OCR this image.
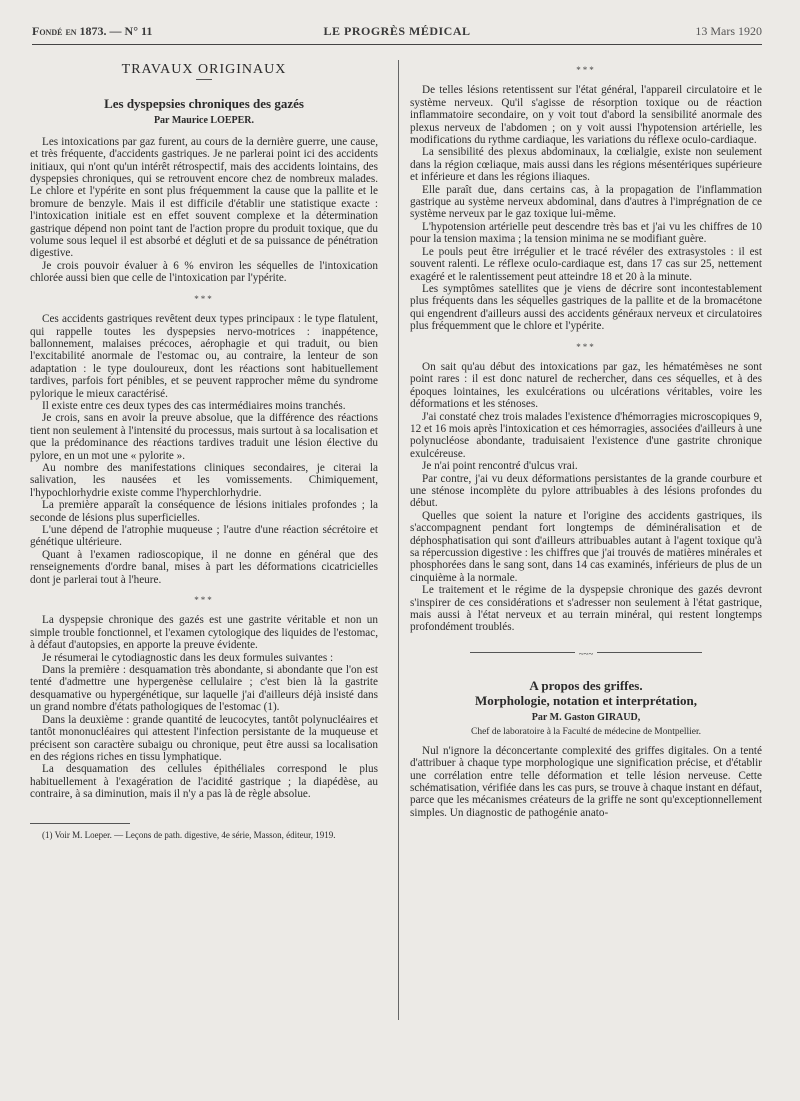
Fondé en 1873. — N° 11	LE PROGRÈS MÉDICAL	13 Mars 1920
TRAVAUX ORIGINAUX
Les dyspepsies chroniques des gazés
Par Maurice LOEPER.

Les intoxications par gaz furent, au cours de la dernière guerre, une cause, et très fréquente, d'accidents gastriques. Je ne parlerai point ici des accidents initiaux, qui n'ont qu'un intérêt rétrospectif, mais des accidents lointains, des dyspepsies chroniques, qui se retrouvent encore chez de nombreux malades. Le chlore et l'ypérite en sont plus fréquemment la cause que la pallite et le bromure de benzyle. Mais il est difficile d'établir une statistique exacte : l'intoxication initiale est en effet souvent complexe et la détermination gastrique dépend non point tant de l'action propre du produit toxique, que du volume sous lequel il est absorbé et dégluti et de sa puissance de pénétration digestive.

Je crois pouvoir évaluer à 6 % environ les séquelles de l'intoxication chlorée aussi bien que celle de l'intoxication par l'ypérite.

***

Ces accidents gastriques revêtent deux types principaux : le type flatulent, qui rappelle toutes les dyspepsies nervo-motrices : inappétence, ballonnement, malaises précoces, aérophagie et qui traduit, ou bien l'excitabilité anormale de l'estomac ou, au contraire, la lenteur de son adaptation : le type douloureux, dont les réactions sont habituellement tardives, parfois fort pénibles, et se peuvent rapprocher même du syndrome pylorique le mieux caractérisé.

Il existe entre ces deux types des cas intermédiaires moins tranchés.

Je crois, sans en avoir la preuve absolue, que la différence des réactions tient non seulement à l'intensité du processus, mais surtout à sa localisation et que la prédominance des réactions tardives traduit une lésion élective du pylore, en un mot une « pylorite ».

Au nombre des manifestations cliniques secondaires, je citerai la salivation, les nausées et les vomissements. Chimiquement, l'hypochlorhydrie existe comme l'hyperchlorhydrie.

La première apparaît la conséquence de lésions initiales profondes ; la seconde de lésions plus superficielles.

L'une dépend de l'atrophie muqueuse ; l'autre d'une réaction sécrétoire et génétique ultérieure.

Quant à l'examen radioscopique, il ne donne en général que des renseignements d'ordre banal, mises à part les déformations cicatricielles dont je parlerai tout à l'heure.

***

La dyspepsie chronique des gazés est une gastrite véritable et non un simple trouble fonctionnel, et l'examen cytologique des liquides de l'estomac, à défaut d'autopsies, en apporte la preuve évidente.

Je résumerai le cytodiagnostic dans les deux formules suivantes :

Dans la première : desquamation très abondante, si abondante que l'on est tenté d'admettre une hypergenèse cellulaire ; c'est bien là la gastrite desquamative ou hypergénétique, sur laquelle j'ai d'ailleurs déjà insisté dans un grand nombre d'états pathologiques de l'estomac (1).

Dans la deuxième : grande quantité de leucocytes, tantôt polynucléaires et tantôt mononucléaires qui attestent l'infection persistante de la muqueuse et précisent son caractère subaigu ou chronique, peut être aussi sa localisation en des régions riches en tissu lymphatique.

La desquamation des cellules épithéliales correspond le plus habituellement à l'exagération de l'acidité gastrique ; la diapédèse, au contraire, à sa diminution, mais il n'y a pas là de règle absolue.

(1) Voir M. Loeper. — Leçons de path. digestive, 4e série, Masson, éditeur, 1919.

***

De telles lésions retentissent sur l'état général, l'appareil circulatoire et le système nerveux. Qu'il s'agisse de résorption toxique ou de réaction inflammatoire secondaire, on y voit tout d'abord la sensibilité anormale des plexus nerveux de l'abdomen ; on y voit aussi l'hypotension artérielle, les modifications du rythme cardiaque, les variations du réflexe oculo-cardiaque.

La sensibilité des plexus abdominaux, la cœlialgie, existe non seulement dans la région cœliaque, mais aussi dans les régions mésentériques supérieure et inférieure et dans les régions iliaques.

Elle paraît due, dans certains cas, à la propagation de l'inflammation gastrique au système nerveux abdominal, dans d'autres à l'imprégnation de ce système nerveux par le gaz toxique lui-même.

L'hypotension artérielle peut descendre très bas et j'ai vu les chiffres de 10 pour la tension maxima ; la tension minima ne se modifiant guère.

Le pouls peut être irrégulier et le tracé révéler des extrasystoles : il est souvent ralenti. Le réflexe oculo-cardiaque est, dans 17 cas sur 25, nettement exagéré et le ralentissement peut atteindre 18 et 20 à la minute.

Les symptômes satellites que je viens de décrire sont incontestablement plus fréquents dans les séquelles gastriques de la pallite et de la bromacétone qui engendrent d'ailleurs aussi des accidents généraux nerveux et circulatoires plus fréquemment que le chlore et l'ypérite.

***

On sait qu'au début des intoxications par gaz, les hématémèses ne sont point rares : il est donc naturel de rechercher, dans ces séquelles, et à des époques lointaines, les exulcérations ou ulcérations véritables, voire les déformations et les sténoses.

J'ai constaté chez trois malades l'existence d'hémorragies microscopiques 9, 12 et 16 mois après l'intoxication et ces hémorragies, associées d'ailleurs à une polynucléose abondante, traduisaient l'existence d'une gastrite chronique exulcéreuse.

Je n'ai point rencontré d'ulcus vrai.

Par contre, j'ai vu deux déformations persistantes de la grande courbure et une sténose incomplète du pylore attribuables à des lésions profondes du début.

Quelles que soient la nature et l'origine des accidents gastriques, ils s'accompagnent pendant fort longtemps de déminéralisation et de déphosphatisation qui sont d'ailleurs attribuables autant à l'agent toxique qu'à sa répercussion digestive : les chiffres que j'ai trouvés de matières minérales et phosphorées dans le sang sont, dans 14 cas examinés, inférieurs de plus de un cinquième à la normale.

Le traitement et le régime de la dyspepsie chronique des gazés devront s'inspirer de ces considérations et s'adresser non seulement à l'état gastrique, mais aussi à l'état nerveux et au terrain minéral, qui restent longtemps profondément troublés.

~~~
A propos des griffes.
Morphologie, notation et interprétation,
Par M. Gaston GIRAUD,
Chef de laboratoire à la Faculté de médecine de Montpellier.

Nul n'ignore la déconcertante complexité des griffes digitales. On a tenté d'attribuer à chaque type morphologique une signification précise, et d'établir une corrélation entre telle déformation et telle lésion nerveuse. Cette schématisation, vérifiée dans les cas purs, se trouve à chaque instant en défaut, parce que les mécanismes créateurs de la griffe ne sont qu'exceptionnellement simples. Un diagnostic de pathogénie anato-
